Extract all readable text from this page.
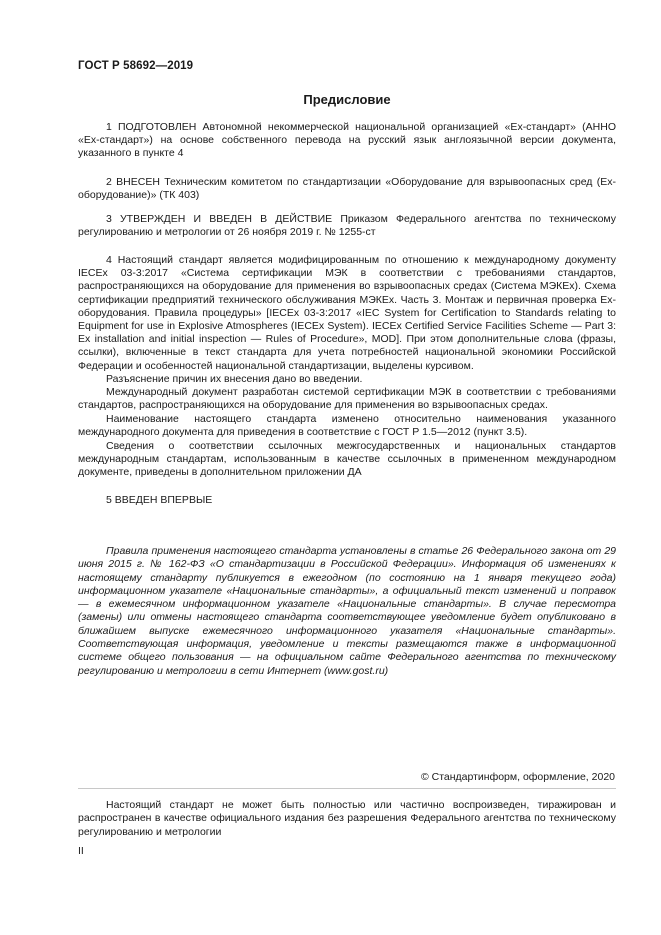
ГОСТ Р 58692—2019
Предисловие

1 ПОДГОТОВЛЕН Автономной некоммерческой национальной организацией «Ex-стандарт» (АННО «Ex-стандарт») на основе собственного перевода на русский язык англоязычной версии документа, указанного в пункте 4

2 ВНЕСЕН Техническим комитетом по стандартизации «Оборудование для взрывоопасных сред (Ex-оборудование)» (ТК 403)

3 УТВЕРЖДЕН И ВВЕДЕН В ДЕЙСТВИЕ Приказом Федерального агентства по техническому регулированию и метрологии от 26 ноября 2019 г. № 1255-ст

4 Настоящий стандарт является модифицированным по отношению к международному документу IECEx 03-3:2017 «Система сертификации МЭК в соответствии с требованиями стандартов, распространяющихся на оборудование для применения во взрывоопасных средах (Система МЭКЕх). Схема сертификации предприятий технического обслуживания МЭКЕх. Часть 3. Монтаж и первичная проверка Ex-оборудования. Правила процедуры» [IECEx 03-3:2017 «IEC System for Certification to Standards relating to Equipment for use in Explosive Atmospheres (IECEx System). IECEx Certified Service Facilities Scheme — Part 3: Ex installation and initial inspection — Rules of Procedure», MOD]. При этом дополнительные слова (фразы, ссылки), включенные в текст стандарта для учета потребностей национальной экономики Российской Федерации и особенностей национальной стандартизации, выделены курсивом.

Разъяснение причин их внесения дано во введении.

Международный документ разработан системой сертификации МЭК в соответствии с требованиями стандартов, распространяющихся на оборудование для применения во взрывоопасных средах.

Наименование настоящего стандарта изменено относительно наименования указанного международного документа для приведения в соответствие с ГОСТ Р 1.5—2012 (пункт 3.5).

Сведения о соответствии ссылочных межгосударственных и национальных стандартов международным стандартам, использованным в качестве ссылочных в примененном международном документе, приведены в дополнительном приложении ДА

5 ВВЕДЕН ВПЕРВЫЕ

Правила применения настоящего стандарта установлены в статье 26 Федерального закона от 29 июня 2015 г. № 162-ФЗ «О стандартизации в Российской Федерации». Информация об изменениях к настоящему стандарту публикуется в ежегодном (по состоянию на 1 января текущего года) информационном указателе «Национальные стандарты», а официальный текст изменений и поправок — в ежемесячном информационном указателе «Национальные стандарты». В случае пересмотра (замены) или отмены настоящего стандарта соответствующее уведомление будет опубликовано в ближайшем выпуске ежемесячного информационного указателя «Национальные стандарты». Соответствующая информация, уведомление и тексты размещаются также в информационной системе общего пользования — на официальном сайте Федерального агентства по техническому регулированию и метрологии в сети Интернет (www.gost.ru)

© Стандартинформ, оформление, 2020

Настоящий стандарт не может быть полностью или частично воспроизведен, тиражирован и распространен в качестве официального издания без разрешения Федерального агентства по техническому регулированию и метрологии

II
